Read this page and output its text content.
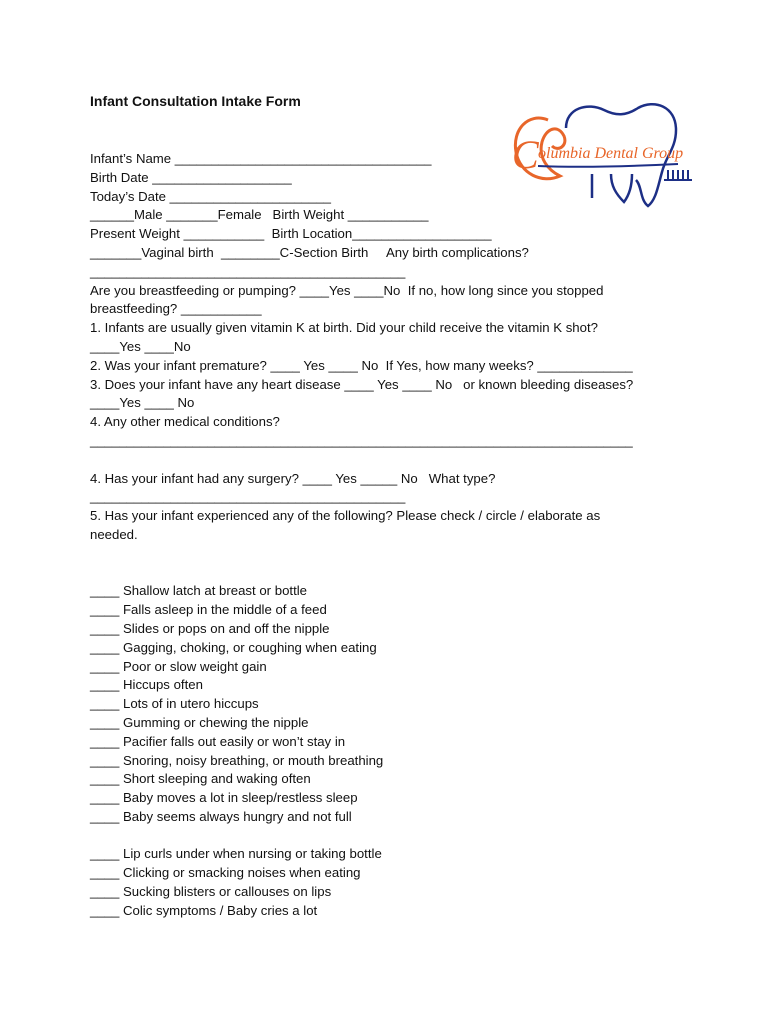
Infant Consultation Intake Form
C olumbia Dental Group
Infant’s Name ___________________________________
Birth Date ___________________
Today’s Date ______________________
______Male _______Female   Birth Weight ___________
Present Weight ___________  Birth Location___________________
_______Vaginal birth  ________C-Section Birth     Any birth complications?
___________________________________________
Are you breastfeeding or pumping? ____Yes ____No  If no, how long since you stopped
breastfeeding? ___________
1. Infants are usually given vitamin K at birth. Did your child receive the vitamin K shot?
____Yes ____No
2. Was your infant premature? ____ Yes ____ No  If Yes, how many weeks? _____________
3. Does your infant have any heart disease ____ Yes ____ No   or known bleeding diseases?
____Yes ____ No
4. Any other medical conditions?
__________________________________________________________________________
4. Has your infant had any surgery? ____ Yes _____ No   What type?
___________________________________________
5. Has your infant experienced any of the following? Please check / circle / elaborate as
needed.
____ Shallow latch at breast or bottle
____ Falls asleep in the middle of a feed
____ Slides or pops on and off the nipple
____ Gagging, choking, or coughing when eating
____ Poor or slow weight gain
____ Hiccups often
____ Lots of in utero hiccups
____ Gumming or chewing the nipple
____ Pacifier falls out easily or won’t stay in
____ Snoring, noisy breathing, or mouth breathing
____ Short sleeping and waking often
____ Baby moves a lot in sleep/restless sleep
____ Baby seems always hungry and not full
____ Lip curls under when nursing or taking bottle
____ Clicking or smacking noises when eating
____ Sucking blisters or callouses on lips
____ Colic symptoms / Baby cries a lot
